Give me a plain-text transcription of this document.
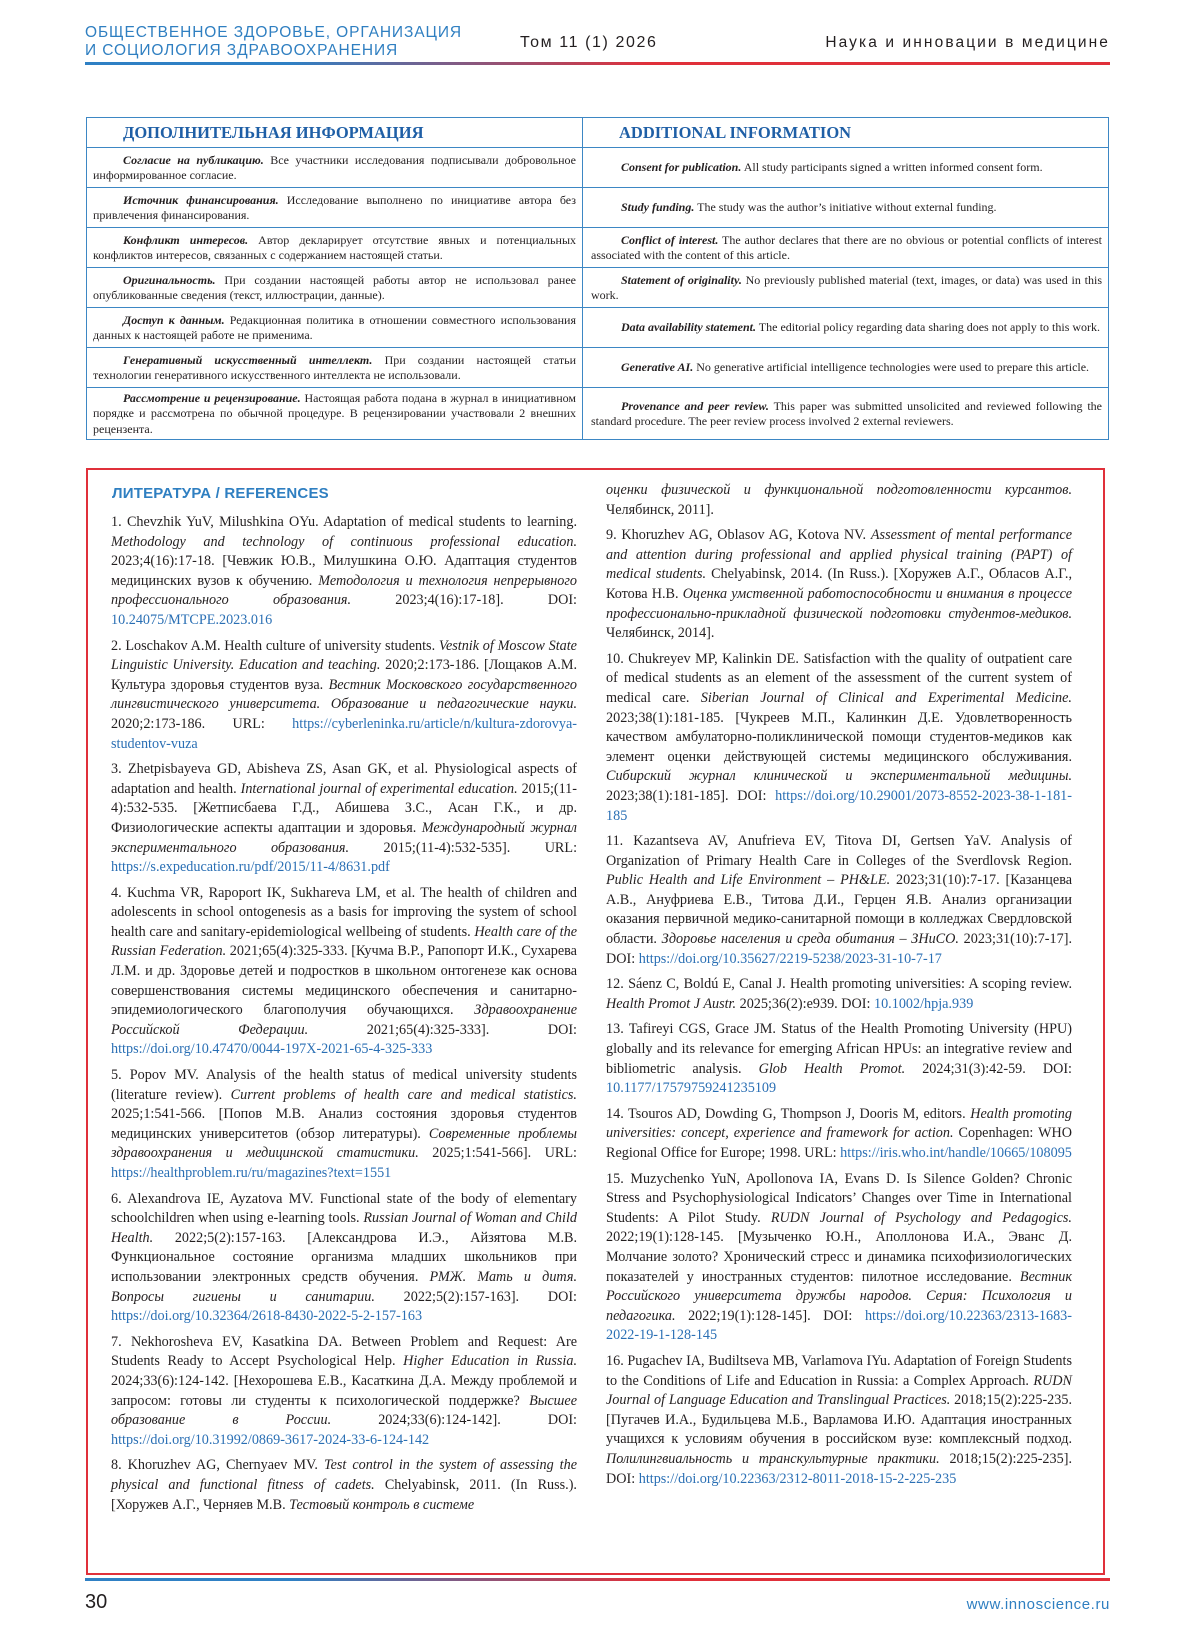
ОБЩЕСТВЕННОЕ ЗДОРОВЬЕ, ОРГАНИЗАЦИЯ
И СОЦИОЛОГИЯ ЗДРАВООХРАНЕНИЯ	Том 11 (1) 2026	Наука и инновации в медицине
ДОПОЛНИТЕЛЬНАЯ ИНФОРМАЦИЯ	ADDITIONAL INFORMATION
Согласие на публикацию. Все участники исследования подписывали добровольное информированное согласие.	Consent for publication. All study participants signed a written informed consent form.
Источник финансирования. Исследование выполнено по инициативе автора без привлечения финансирования.	Study funding. The study was the author’s initiative without external funding.
Конфликт интересов. Автор декларирует отсутствие явных и потенциальных конфликтов интересов, связанных с содержанием настоящей статьи.	Conflict of interest. The author declares that there are no obvious or potential conflicts of interest associated with the content of this article.
Оригинальность. При создании настоящей работы автор не использовал ранее опубликованные сведения (текст, иллюстрации, данные).	Statement of originality. No previously published material (text, images, or data) was used in this work.
Доступ к данным. Редакционная политика в отношении совместного использования данных к настоящей работе не применима.	Data availability statement. The editorial policy regarding data sharing does not apply to this work.
Генеративный искусственный интеллект. При создании настоящей статьи технологии генеративного искусственного интеллекта не использовали.	Generative AI. No generative artificial intelligence technologies were used to prepare this article.
Рассмотрение и рецензирование. Настоящая работа подана в журнал в инициативном порядке и рассмотрена по обычной процедуре. В рецензировании участвовали 2 внешних рецензента.	Provenance and peer review. This paper was submitted unsolicited and reviewed following the standard procedure. The peer review process involved 2 external reviewers.
ЛИТЕРАТУРА / REFERENCES

1. Chevzhik YuV, Milushkina OYu. Adaptation of medical students to learning. Methodology and technology of continuous professional education. 2023;4(16):17-18. [Чевжик Ю.В., Милушкина О.Ю. Адаптация студентов медицинских вузов к обучению. Методология и технология непрерывного профессионального образования. 2023;4(16):17-18]. DOI: 10.24075/MTCPE.2023.016

2. Loschakov A.M. Health culture of university students. Vestnik of Moscow State Linguistic University. Education and teaching. 2020;2:173-186. [Лощаков А.М. Культура здоровья студентов вуза. Вестник Московского государственного лингвистического университета. Образование и педагогические науки. 2020;2:173-186. URL: https://cyberleninka.ru/article/n/kultura-zdorovya-studentov-vuza

3. Zhetpisbayeva GD, Abisheva ZS, Asan GK, et al. Physiological aspects of adaptation and health. International journal of experimental education. 2015;(11-4):532-535. [Жетписбаева Г.Д., Абишева З.С., Асан Г.К., и др. Физиологические аспекты адаптации и здоровья. Международный журнал экспериментального образования. 2015;(11-4):532-535]. URL: https://s.expeducation.ru/pdf/2015/11-4/8631.pdf

4. Kuchma VR, Rapoport IK, Sukhareva LM, et al. The health of children and adolescents in school ontogenesis as a basis for improving the system of school health care and sanitary-epidemiological wellbeing of students. Health care of the Russian Federation. 2021;65(4):325-333. [Кучма В.Р., Рапопорт И.К., Сухарева Л.М. и др. Здоровье детей и подростков в школьном онтогенезе как основа совершенствования системы медицинского обеспечения и санитарно-эпидемиологического благополучия обучающихся. Здравоохранение Российской Федерации. 2021;65(4):325-333]. DOI: https://doi.org/10.47470/0044-197X-2021-65-4-325-333

5. Popov MV. Analysis of the health status of medical university students (literature review). Current problems of health care and medical statistics. 2025;1:541-566. [Попов М.В. Анализ состояния здоровья студентов медицинских университетов (обзор литературы). Современные проблемы здравоохранения и медицинской статистики. 2025;1:541-566]. URL: https://healthproblem.ru/ru/magazines?text=1551

6. Alexandrova IE, Ayzatova MV. Functional state of the body of elementary schoolchildren when using e-learning tools. Russian Journal of Woman and Child Health. 2022;5(2):157-163. [Александрова И.Э., Айзятова М.В. Функциональное состояние организма младших школьников при использовании электронных средств обучения. РМЖ. Мать и дитя. Вопросы гигиены и санитарии. 2022;5(2):157-163]. DOI: https://doi.org/10.32364/2618-8430-2022-5-2-157-163

7. Nekhorosheva EV, Kasatkina DA. Between Problem and Request: Are Students Ready to Accept Psychological Help. Higher Education in Russia. 2024;33(6):124-142. [Нехорошева Е.В., Касаткина Д.А. Между проблемой и запросом: готовы ли студенты к психологической поддержке? Высшее образование в России. 2024;33(6):124-142]. DOI: https://doi.org/10.31992/0869-3617-2024-33-6-124-142

8. Khoruzhev AG, Chernyaev MV. Test control in the system of assessing the physical and functional fitness of cadets. Chelyabinsk, 2011. (In Russ.). [Хоружев А.Г., Черняев М.В. Тестовый контроль в системе

оценки физической и функциональной подготовленности курсантов. Челябинск, 2011].

9. Khoruzhev AG, Oblasov AG, Kotova NV. Assessment of mental performance and attention during professional and applied physical training (PAPT) of medical students. Chelyabinsk, 2014. (In Russ.). [Хоружев А.Г., Обласов А.Г., Котова Н.В. Оценка умственной работоспособности и внимания в процессе профессионально-прикладной физической подготовки студентов-медиков. Челябинск, 2014].

10. Chukreyev MP, Kalinkin DE. Satisfaction with the quality of outpatient care of medical students as an element of the assessment of the current system of medical care. Siberian Journal of Clinical and Experimental Medicine. 2023;38(1):181-185. [Чукреев М.П., Калинкин Д.Е. Удовлетворенность качеством амбулаторно-поликлинической помощи студентов-медиков как элемент оценки действующей системы медицинского обслуживания. Сибирский журнал клинической и экспериментальной медицины. 2023;38(1):181-185]. DOI: https://doi.org/10.29001/2073-8552-2023-38-1-181-185

11. Kazantseva AV, Anufrieva EV, Titova DI, Gertsen YaV. Analysis of Organization of Primary Health Care in Colleges of the Sverdlovsk Region. Public Health and Life Environment – PH&LE. 2023;31(10):7-17. [Казанцева А.В., Ануфриева Е.В., Титова Д.И., Герцен Я.В. Анализ организации оказания первичной медико-санитарной помощи в колледжах Свердловской области. Здоровье населения и среда обитания – ЗНиСО. 2023;31(10):7-17]. DOI: https://doi.org/10.35627/2219-5238/2023-31-10-7-17

12. Sáenz C, Boldú E, Canal J. Health promoting universities: A scoping review. Health Promot J Austr. 2025;36(2):e939. DOI: 10.1002/hpja.939

13. Tafireyi CGS, Grace JM. Status of the Health Promoting University (HPU) globally and its relevance for emerging African HPUs: an integrative review and bibliometric analysis. Glob Health Promot. 2024;31(3):42-59. DOI: 10.1177/17579759241235109

14. Tsouros AD, Dowding G, Thompson J, Dooris M, editors. Health promoting universities: concept, experience and framework for action. Copenhagen: WHO Regional Office for Europe; 1998. URL: https://iris.who.int/handle/10665/108095

15. Muzychenko YuN, Apollonova IA, Evans D. Is Silence Golden? Chronic Stress and Psychophysiological Indicators’ Changes over Time in International Students: A Pilot Study. RUDN Journal of Psychology and Pedagogics. 2022;19(1):128-145. [Музыченко Ю.Н., Аполлонова И.А., Эванс Д. Молчание золото? Хронический стресс и динамика психофизиологических показателей у иностранных студентов: пилотное исследование. Вестник Российского университета дружбы народов. Серия: Психология и педагогика. 2022;19(1):128-145]. DOI: https://doi.org/10.22363/2313-1683-2022-19-1-128-145

16. Pugachev IA, Budiltseva MB, Varlamova IYu. Adaptation of Foreign Students to the Conditions of Life and Education in Russia: a Complex Approach. RUDN Journal of Language Education and Translingual Practices. 2018;15(2):225-235. [Пугачев И.А., Будильцева М.Б., Варламова И.Ю. Адаптация иностранных учащихся к условиям обучения в российском вузе: комплексный подход. Полилингвиальность и транскультурные практики. 2018;15(2):225-235]. DOI: https://doi.org/10.22363/2312-8011-2018-15-2-225-235

30	www.innoscience.ru
